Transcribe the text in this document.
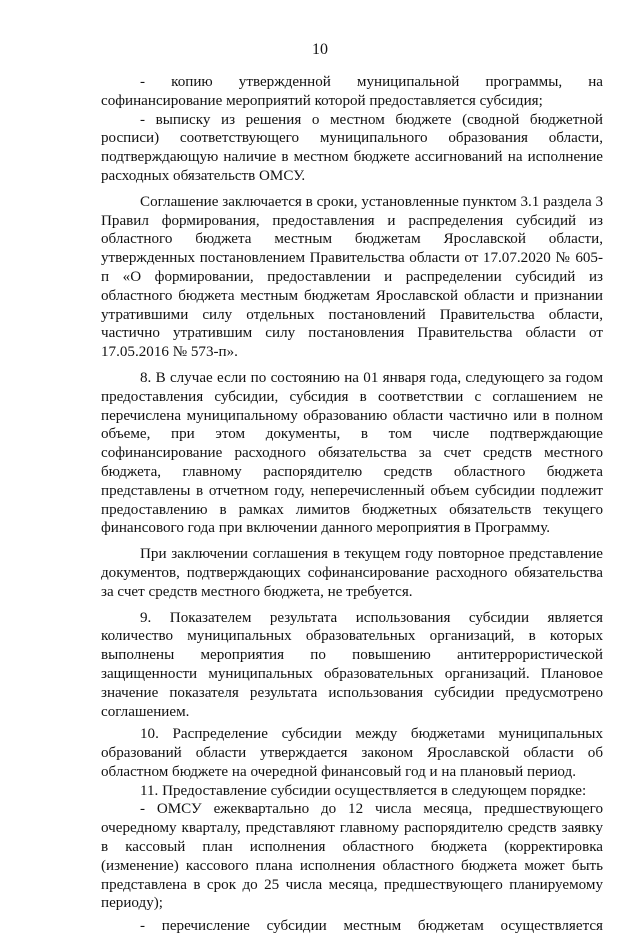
10

- копию утвержденной муниципальной программы, на софинансирование мероприятий которой предоставляется субсидия;

- выписку из решения о местном бюджете (сводной бюджетной росписи) соответствующего муниципального образования области, подтверждающую наличие в местном бюджете ассигнований на исполнение расходных обязательств ОМСУ.

Соглашение заключается в сроки, установленные пунктом 3.1 раздела 3 Правил формирования, предоставления и распределения субсидий из областного бюджета местным бюджетам Ярославской области, утвержденных постановлением Правительства области от 17.07.2020 № 605-п «О формировании, предоставлении и распределении субсидий из областного бюджета местным бюджетам Ярославской области и признании утратившими силу отдельных постановлений Правительства области, частично утратившим силу постановления Правительства области от 17.05.2016 № 573-п».

8. В случае если по состоянию на 01 января года, следующего за годом предоставления субсидии, субсидия в соответствии с соглашением не перечислена муниципальному образованию области частично или в полном объеме, при этом документы, в том числе подтверждающие софинансирование расходного обязательства за счет средств местного бюджета, главному распорядителю средств областного бюджета представлены в отчетном году, неперечисленный объем субсидии подлежит предоставлению в рамках лимитов бюджетных обязательств текущего финансового года при включении данного мероприятия в Программу.

При заключении соглашения в текущем году повторное представление документов, подтверждающих софинансирование расходного обязательства за счет средств местного бюджета, не требуется.

9. Показателем результата использования субсидии является количество муниципальных образовательных организаций, в которых выполнены мероприятия по повышению антитеррористической защищенности муниципальных образовательных организаций. Плановое значение показателя результата использования субсидии предусмотрено соглашением.

10. Распределение субсидии между бюджетами муниципальных образований области утверждается законом Ярославской области об областном бюджете на очередной финансовый год и на плановый период.

11. Предоставление субсидии осуществляется в следующем порядке:

- ОМСУ ежеквартально до 12 числа месяца, предшествующего очередному кварталу, представляют главному распорядителю средств заявку в кассовый план исполнения областного бюджета (корректировка (изменение) кассового плана исполнения областного бюджета может быть представлена в срок до 25 числа месяца, предшествующего планируемому периоду);

- перечисление субсидии местным бюджетам осуществляется
